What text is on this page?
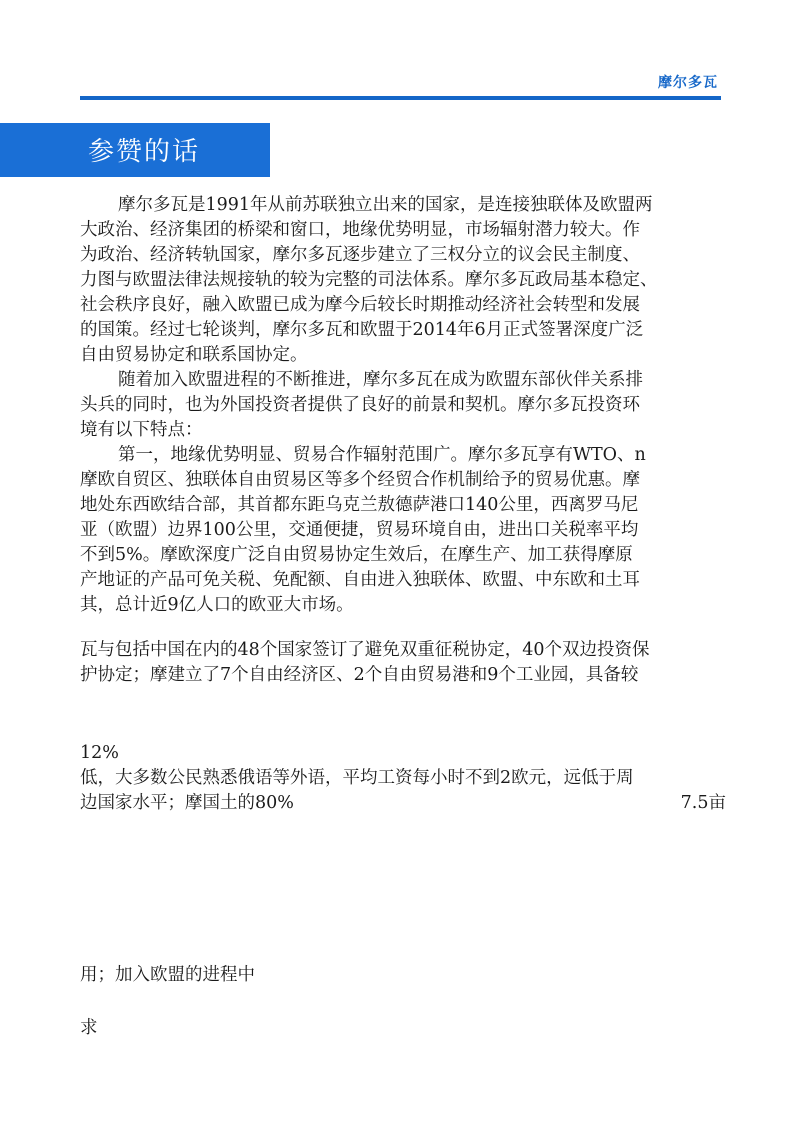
摩尔多瓦
参赞的话
摩尔多瓦是1991年从前苏联独立出来的国家，是连接独联体及欧盟两
大政治、经济集团的桥梁和窗口，地缘优势明显，市场辐射潜力较大。作
为政治、经济转轨国家，摩尔多瓦逐步建立了三权分立的议会民主制度、
力图与欧盟法律法规接轨的较为完整的司法体系。摩尔多瓦政局基本稳定、
社会秩序良好，融入欧盟已成为摩今后较长时期推动经济社会转型和发展
的国策。经过七轮谈判，摩尔多瓦和欧盟于2014年6月正式签署深度广泛
自由贸易协定和联系国协定。
随着加入欧盟进程的不断推进，摩尔多瓦在成为欧盟东部伙伴关系排
头兵的同时，也为外国投资者提供了良好的前景和契机。摩尔多瓦投资环
境有以下特点：
第一，地缘优势明显、贸易合作辐射范围广。摩尔多瓦享有WTO、n
摩欧自贸区、独联体自由贸易区等多个经贸合作机制给予的贸易优惠。摩
地处东西欧结合部，其首都东距乌克兰敖德萨港口140公里，西离罗马尼
亚（欧盟）边界100公里，交通便捷，贸易环境自由，进出口关税率平均
不到5%。摩欧深度广泛自由贸易协定生效后，在摩生产、加工获得摩原
产地证的产品可免关税、免配额、自由进入独联体、欧盟、中东欧和土耳
其，总计近9亿人口的欧亚大市场。
瓦与包括中国在内的48个国家签订了避免双重征税协定，40个双边投资保
护协定；摩建立了7个自由经济区、2个自由贸易港和9个工业园，具备较
12%
低，大多数公民熟悉俄语等外语，平均工资每小时不到2欧元，远低于周
边国家水平；摩国土的80%	7.5亩
用；加入欧盟的进程中
求
